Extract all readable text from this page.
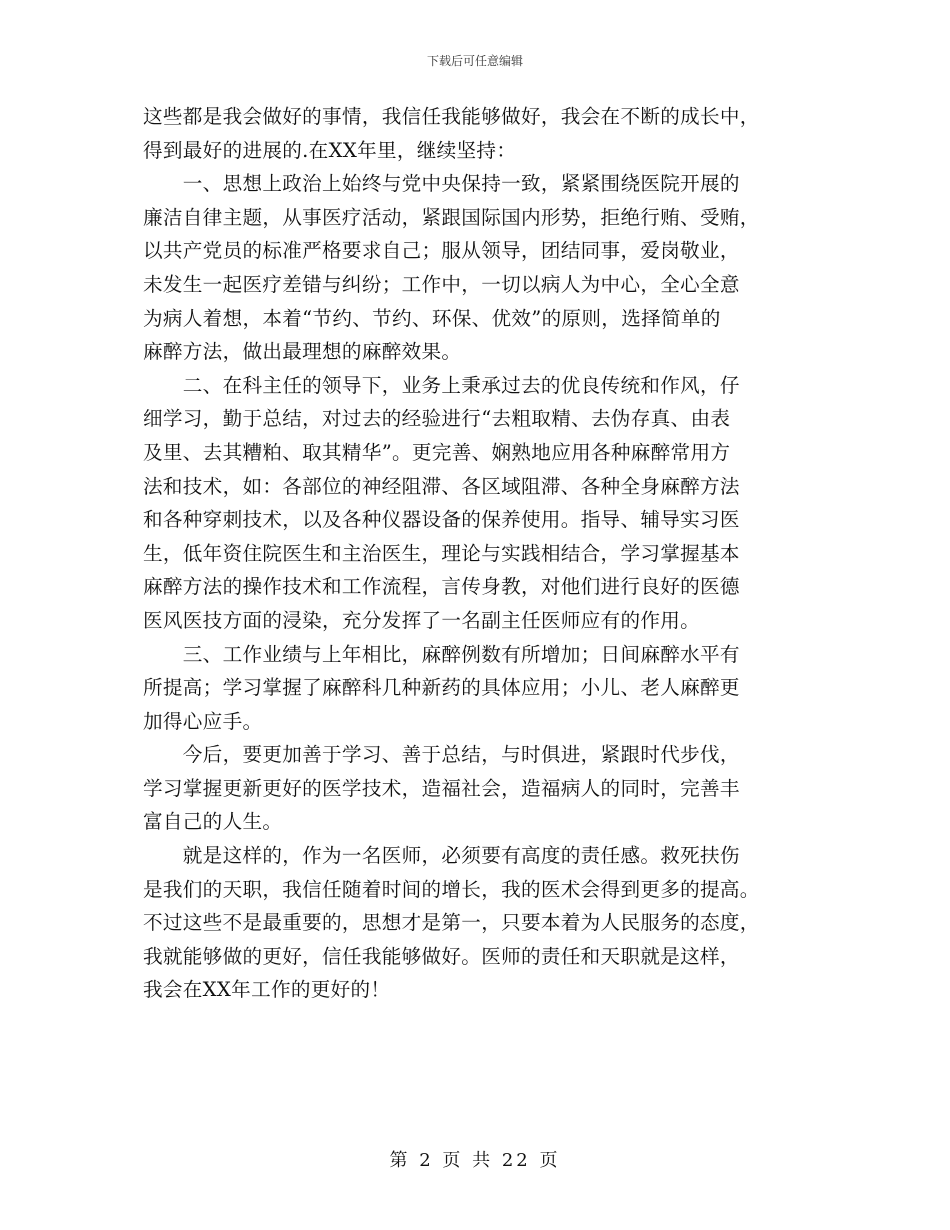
下载后可任意编辑

这些都是我会做好的事情，我信任我能够做好，我会在不断的成长中，
得到最好的进展的.在XX年里，继续坚持：

　　一、思想上政治上始终与党中央保持一致，紧紧围绕医院开展的
廉洁自律主题，从事医疗活动，紧跟国际国内形势，拒绝行贿、受贿，
以共产党员的标准严格要求自己；服从领导，团结同事，爱岗敬业，
未发生一起医疗差错与纠纷；工作中，一切以病人为中心，全心全意
为病人着想，本着“节约、节约、环保、优效”的原则，选择简单的
麻醉方法，做出最理想的麻醉效果。

　　二、在科主任的领导下，业务上秉承过去的优良传统和作风，仔
细学习，勤于总结，对过去的经验进行“去粗取精、去伪存真、由表
及里、去其糟粕、取其精华”。更完善、娴熟地应用各种麻醉常用方
法和技术，如：各部位的神经阻滞、各区域阻滞、各种全身麻醉方法
和各种穿刺技术，以及各种仪器设备的保养使用。指导、辅导实习医
生，低年资住院医生和主治医生，理论与实践相结合，学习掌握基本
麻醉方法的操作技术和工作流程，言传身教，对他们进行良好的医德
医风医技方面的浸染，充分发挥了一名副主任医师应有的作用。

　　三、工作业绩与上年相比，麻醉例数有所增加；日间麻醉水平有
所提高；学习掌握了麻醉科几种新药的具体应用；小儿、老人麻醉更
加得心应手。

　　今后，要更加善于学习、善于总结，与时俱进，紧跟时代步伐，
学习掌握更新更好的医学技术，造福社会，造福病人的同时，完善丰
富自己的人生。

　　就是这样的，作为一名医师，必须要有高度的责任感。救死扶伤
是我们的天职，我信任随着时间的增长，我的医术会得到更多的提高。
不过这些不是最重要的，思想才是第一，只要本着为人民服务的态度，
我就能够做的更好，信任我能够做好。医师的责任和天职就是这样，
我会在XX年工作的更好的！

第 2 页 共 22 页
